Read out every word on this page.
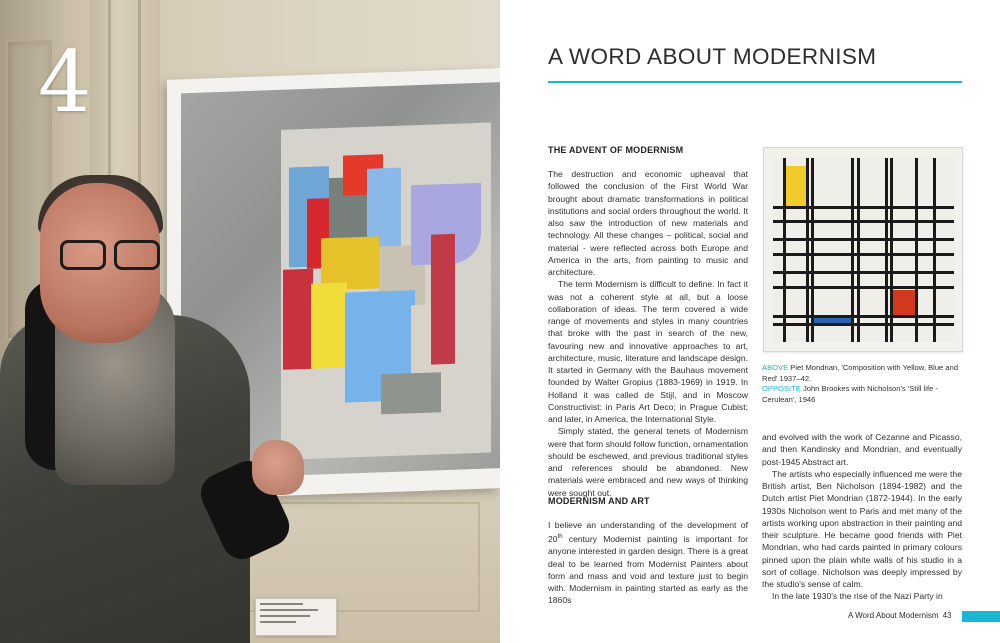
4	A WORD ABOUT MODERNISM
THE ADVENT OF MODERNISM

The destruction and economic upheaval that followed the conclusion of the First World War brought about dramatic transformations in political institutions and social orders throughout the world. It also saw the introduction of new materials and technology. All these changes – political, social and material - were reflected across both Europe and America in the arts, from painting to music and architecture.

The term Modernism is difficult to define. In fact it was not a coherent style at all, but a loose collaboration of ideas. The term covered a wide range of movements and styles in many countries that broke with the past in search of the new, favouring new and innovative approaches to art, architecture, music, literature and landscape design. It started in Germany with the Bauhaus movement founded by Walter Gropius (1883-1969) in 1919. In Holland it was called de Stijl, and in Moscow Constructivist: in Paris Art Deco; in Prague Cubist; and later, in America, the International Style.

Simply stated, the general tenets of Modernism were that form should follow function, ornamentation should be eschewed, and previous traditional styles and references should be abandoned. New materials were embraced and new ways of thinking were sought out.

MODERNISM AND ART

I believe an understanding of the development of 20th century Modernist painting is important for anyone interested in garden design. There is a great deal to be learned from Modernist Painters about form and mass and void and texture just to begin with. Modernism in painting started as early as the 1860s

ABOVE Piet Mondrian, 'Composition with Yellow, Blue and Red' 1937–42.

OPPOSITE John Brookes with Nicholson's 'Still life - Cerulean', 1946

and evolved with the work of Cezanne and Picasso, and then Kandinsky and Mondrian, and eventually post-1945 Abstract art.

The artists who especially influenced me were the British artist, Ben Nicholson (1894-1982) and the Dutch artist Piet Mondrian (1872-1944). In the early 1930s Nicholson went to Paris and met many of the artists working upon abstraction in their painting and their sculpture. He became good friends with Piet Mondrian, who had cards painted in primary colours pinned upon the plain white walls of his studio in a sort of collage. Nicholson was deeply impressed by the studio's sense of calm.

In the late 1930's the rise of the Nazi Party in

A Word About Modernism 43
